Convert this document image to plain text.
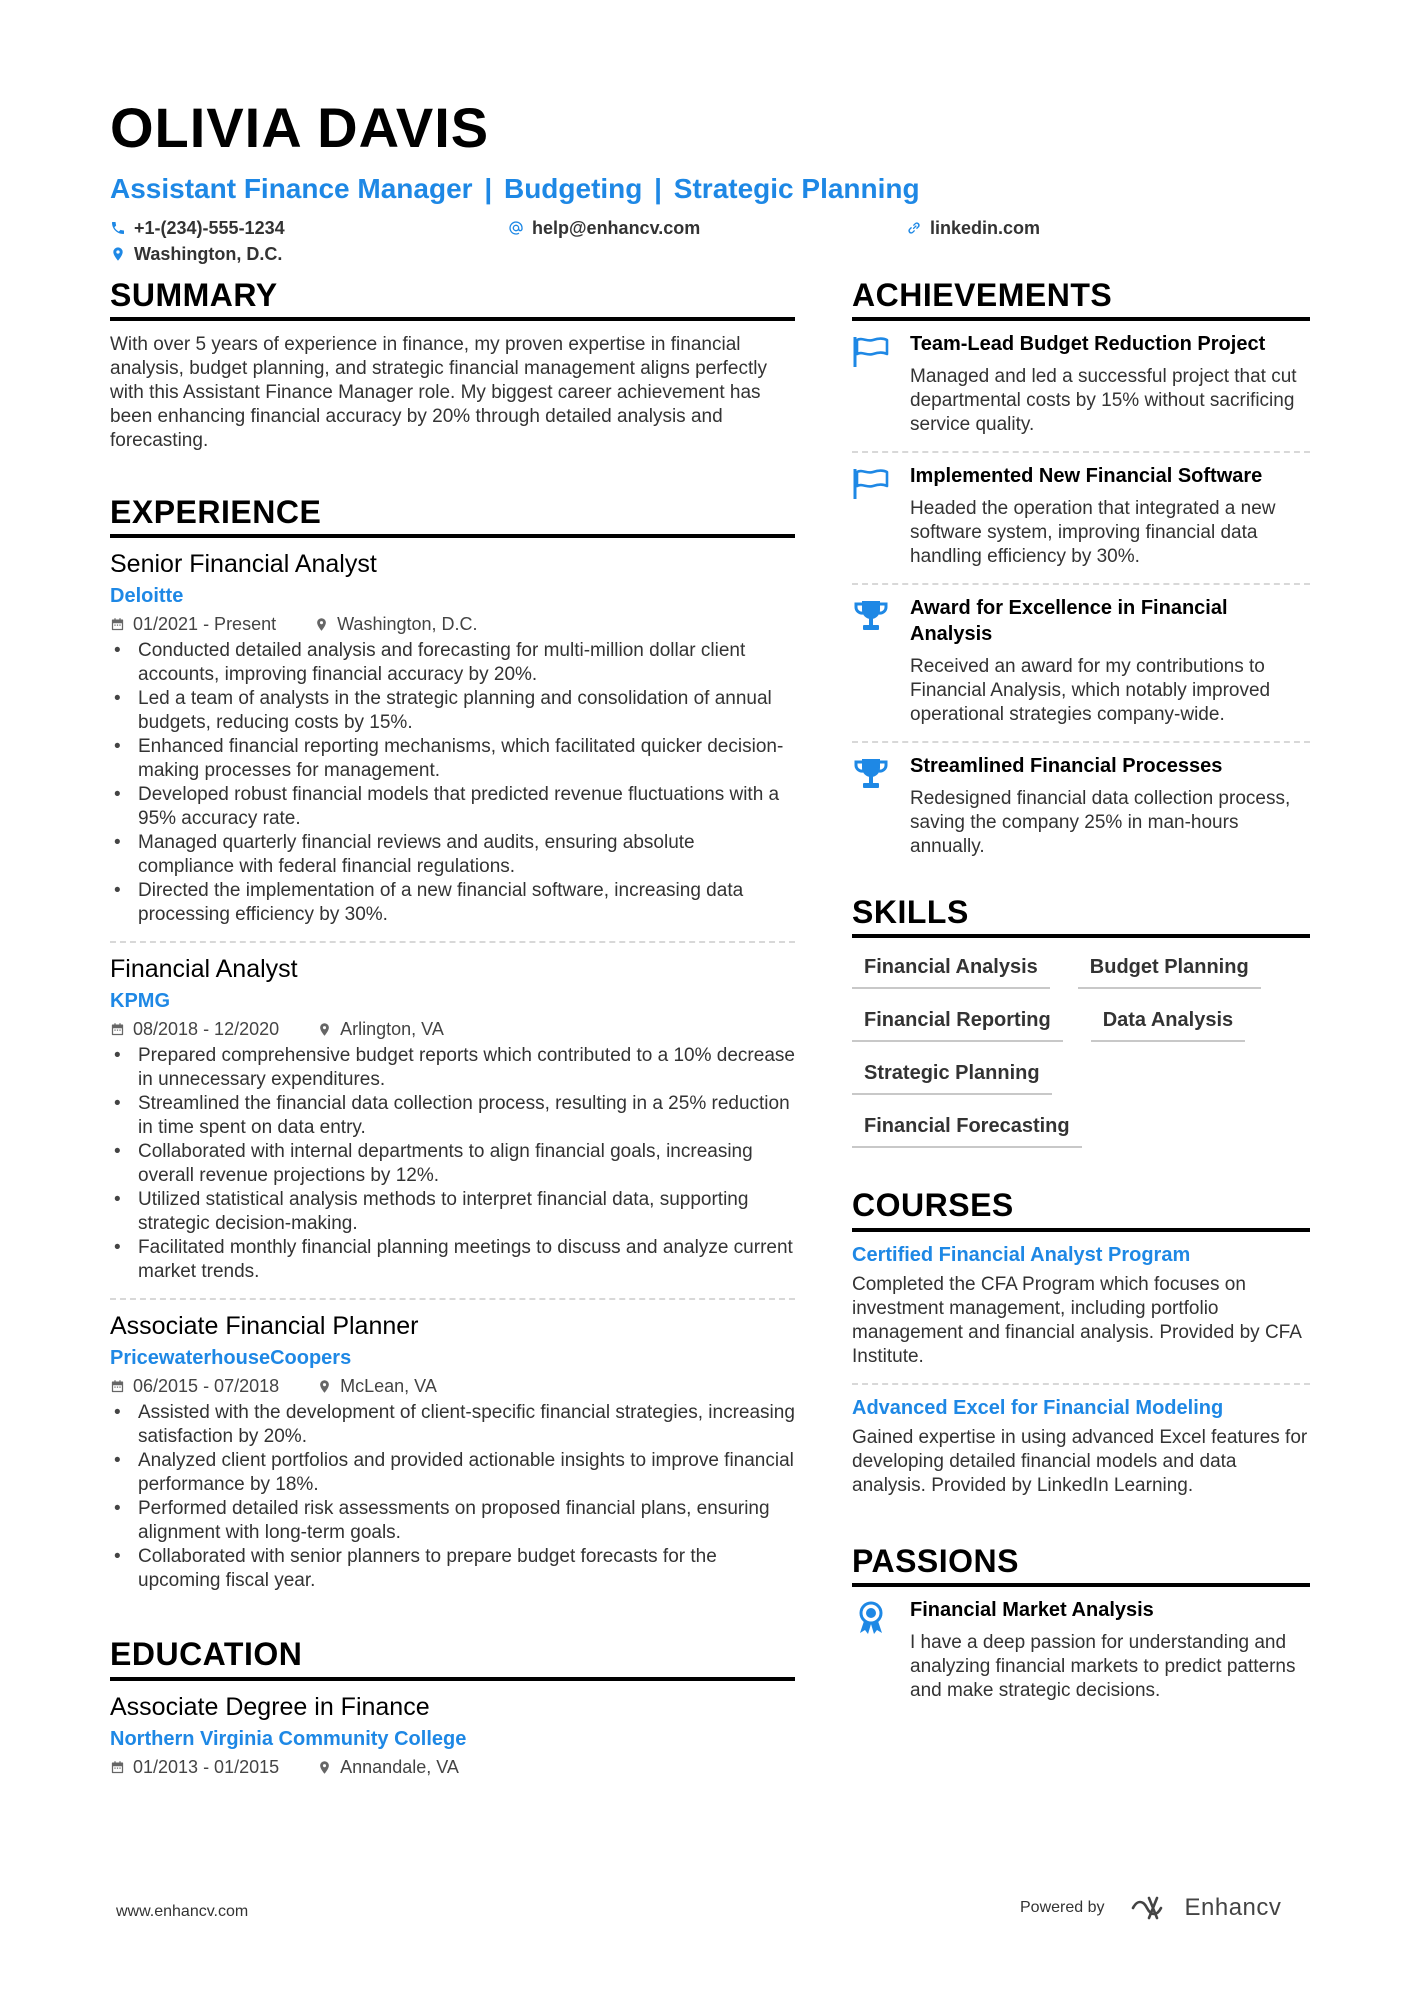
OLIVIA DAVIS
Assistant Finance Manager | Budgeting | Strategic Planning
+1-(234)-555-1234	help@enhancv.com	linkedin.com
Washington, D.C.
SUMMARY
With over 5 years of experience in finance, my proven expertise in financial analysis, budget planning, and strategic financial management aligns perfectly with this Assistant Finance Manager role. My biggest career achievement has been enhancing financial accuracy by 20% through detailed analysis and forecasting.
EXPERIENCE
Senior Financial Analyst
Deloitte
01/2021 - Present	Washington, D.C.
• Conducted detailed analysis and forecasting for multi-million dollar client accounts, improving financial accuracy by 20%.
• Led a team of analysts in the strategic planning and consolidation of annual budgets, reducing costs by 15%.
• Enhanced financial reporting mechanisms, which facilitated quicker decision-making processes for management.
• Developed robust financial models that predicted revenue fluctuations with a 95% accuracy rate.
• Managed quarterly financial reviews and audits, ensuring absolute compliance with federal financial regulations.
• Directed the implementation of a new financial software, increasing data processing efficiency by 30%.
Financial Analyst
KPMG
08/2018 - 12/2020	Arlington, VA
• Prepared comprehensive budget reports which contributed to a 10% decrease in unnecessary expenditures.
• Streamlined the financial data collection process, resulting in a 25% reduction in time spent on data entry.
• Collaborated with internal departments to align financial goals, increasing overall revenue projections by 12%.
• Utilized statistical analysis methods to interpret financial data, supporting strategic decision-making.
• Facilitated monthly financial planning meetings to discuss and analyze current market trends.
Associate Financial Planner
PricewaterhouseCoopers
06/2015 - 07/2018	McLean, VA
• Assisted with the development of client-specific financial strategies, increasing satisfaction by 20%.
• Analyzed client portfolios and provided actionable insights to improve financial performance by 18%.
• Performed detailed risk assessments on proposed financial plans, ensuring alignment with long-term goals.
• Collaborated with senior planners to prepare budget forecasts for the upcoming fiscal year.
EDUCATION
Associate Degree in Finance
Northern Virginia Community College
01/2013 - 01/2015	Annandale, VA
ACHIEVEMENTS
Team-Lead Budget Reduction Project
Managed and led a successful project that cut departmental costs by 15% without sacrificing service quality.
Implemented New Financial Software
Headed the operation that integrated a new software system, improving financial data handling efficiency by 30%.
Award for Excellence in Financial Analysis
Received an award for my contributions to Financial Analysis, which notably improved operational strategies company-wide.
Streamlined Financial Processes
Redesigned financial data collection process, saving the company 25% in man-hours annually.
SKILLS
Financial Analysis	Budget Planning
Financial Reporting	Data Analysis
Strategic Planning
Financial Forecasting
COURSES
Certified Financial Analyst Program
Completed the CFA Program which focuses on investment management, including portfolio management and financial analysis. Provided by CFA Institute.
Advanced Excel for Financial Modeling
Gained expertise in using advanced Excel features for developing detailed financial models and data analysis. Provided by LinkedIn Learning.
PASSIONS
Financial Market Analysis
I have a deep passion for understanding and analyzing financial markets to predict patterns and make strategic decisions.
www.enhancv.com	Powered by	Enhancv
